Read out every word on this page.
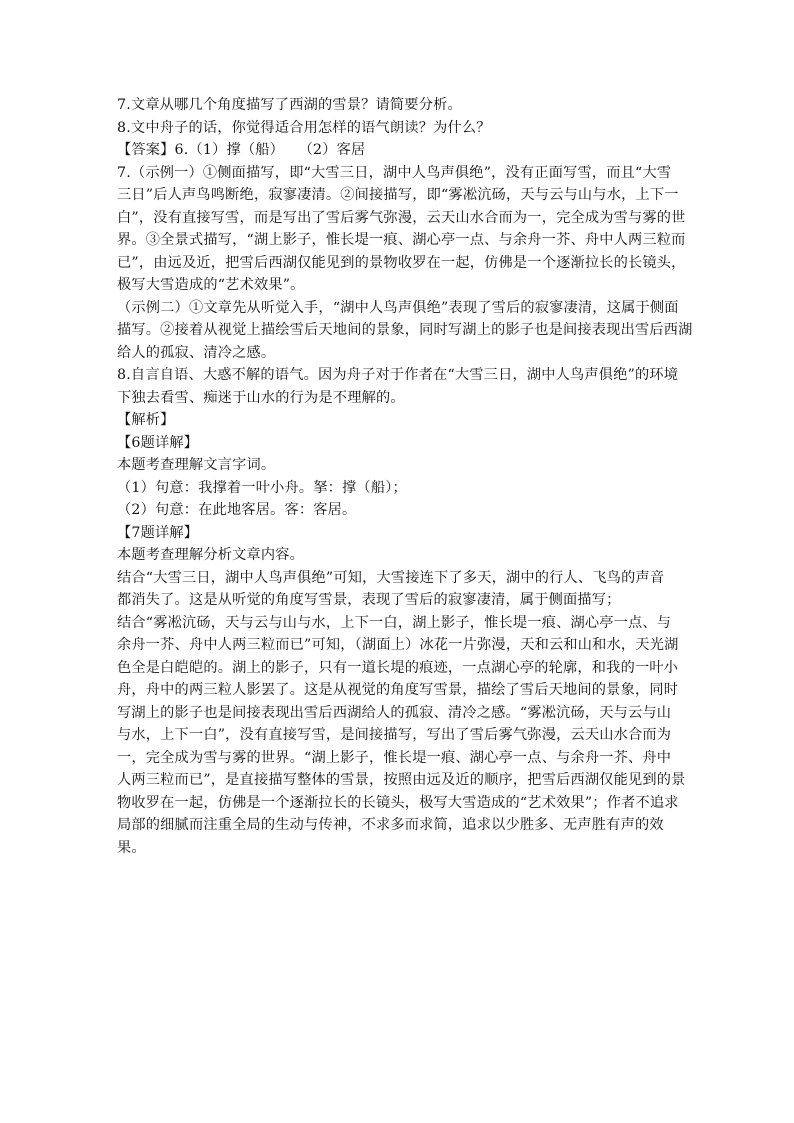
7.文章从哪几个角度描写了西湖的雪景？请简要分析。
8.文中舟子的话，你觉得适合用怎样的语气朗读？为什么？
【答案】6.（1）撑（船）　　（2）客居
7.（示例一）①侧面描写，即“大雪三日，湖中人鸟声俱绝”，没有正面写雪，而且“大雪
三日”后人声鸟鸣断绝，寂寥凄清。②间接描写，即“雾凇沆砀，天与云与山与水，上下一
白”，没有直接写雪，而是写出了雪后雾气弥漫，云天山水合而为一，完全成为雪与雾的世
界。③全景式描写，“湖上影子，惟长堤一痕、湖心亭一点、与余舟一芥、舟中人两三粒而
已”，由远及近，把雪后西湖仅能见到的景物收罗在一起，仿佛是一个逐渐拉长的长镜头，
极写大雪造成的“艺术效果”。
（示例二）①文章先从听觉入手，“湖中人鸟声俱绝”表现了雪后的寂寥凄清，这属于侧面
描写。②接着从视觉上描绘雪后天地间的景象，同时写湖上的影子也是间接表现出雪后西湖
给人的孤寂、清冷之感。
8.自言自语、大惑不解的语气。因为舟子对于作者在“大雪三日，湖中人鸟声俱绝”的环境
下独去看雪、痴迷于山水的行为是不理解的。
【解析】
【6题详解】
本题考查理解文言字词。
（1）句意：我撑着一叶小舟。拏：撑（船）；
（2）句意：在此地客居。客：客居。
【7题详解】
本题考查理解分析文章内容。
结合“大雪三日，湖中人鸟声俱绝”可知，大雪接连下了多天，湖中的行人、飞鸟的声音
都消失了。这是从听觉的角度写雪景，表现了雪后的寂寥凄清，属于侧面描写；
结合“雾凇沆砀，天与云与山与水，上下一白，湖上影子，惟长堤一痕、湖心亭一点、与
余舟一芥、舟中人两三粒而已”可知，（湖面上）冰花一片弥漫，天和云和山和水，天光湖
色全是白皑皑的。湖上的影子，只有一道长堤的痕迹，一点湖心亭的轮廓，和我的一叶小
舟，舟中的两三粒人影罢了。这是从视觉的角度写雪景，描绘了雪后天地间的景象，同时
写湖上的影子也是间接表现出雪后西湖给人的孤寂、清冷之感。“雾凇沆砀，天与云与山
与水，上下一白”，没有直接写雪，是间接描写，写出了雪后雾气弥漫，云天山水合而为
一，完全成为雪与雾的世界。“湖上影子，惟长堤一痕、湖心亭一点、与余舟一芥、舟中
人两三粒而已”，是直接描写整体的雪景，按照由远及近的顺序，把雪后西湖仅能见到的景
物收罗在一起，仿佛是一个逐渐拉长的长镜头，极写大雪造成的“艺术效果”；作者不追求
局部的细腻而注重全局的生动与传神，不求多而求简，追求以少胜多、无声胜有声的效
果。
